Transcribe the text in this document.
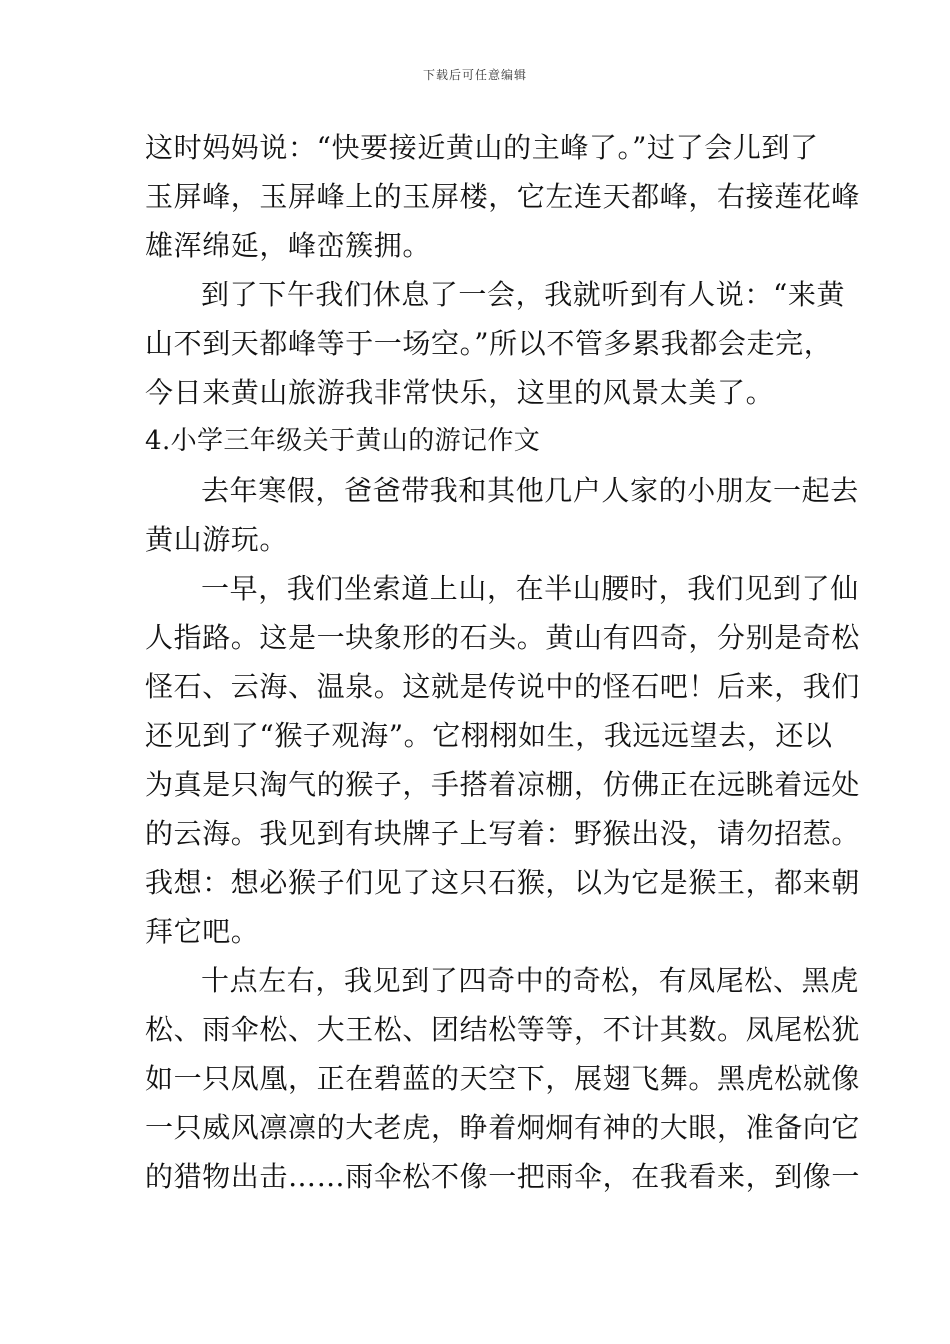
下载后可任意编辑
这时妈妈说：“快要接近黄山的主峰了。”过了会儿到了
玉屏峰，玉屏峰上的玉屏楼，它左连天都峰，右接莲花峰
雄浑绵延，峰峦簇拥。
到了下午我们休息了一会，我就听到有人说：“来黄
山不到天都峰等于一场空。”所以不管多累我都会走完，
今日来黄山旅游我非常快乐，这里的风景太美了。
4.小学三年级关于黄山的游记作文
去年寒假，爸爸带我和其他几户人家的小朋友一起去
黄山游玩。
一早，我们坐索道上山，在半山腰时，我们见到了仙
人指路。这是一块象形的石头。黄山有四奇，分别是奇松
怪石、云海、温泉。这就是传说中的怪石吧！后来，我们
还见到了“猴子观海”。它栩栩如生，我远远望去，还以
为真是只淘气的猴子，手搭着凉棚，仿佛正在远眺着远处
的云海。我见到有块牌子上写着：野猴出没，请勿招惹。
我想：想必猴子们见了这只石猴，以为它是猴王，都来朝
拜它吧。
十点左右，我见到了四奇中的奇松，有凤尾松、黑虎
松、雨伞松、大王松、团结松等等，不计其数。凤尾松犹
如一只凤凰，正在碧蓝的天空下，展翅飞舞。黑虎松就像
一只威风凛凛的大老虎，睁着炯炯有神的大眼，准备向它
的猎物出击……雨伞松不像一把雨伞，在我看来，到像一
